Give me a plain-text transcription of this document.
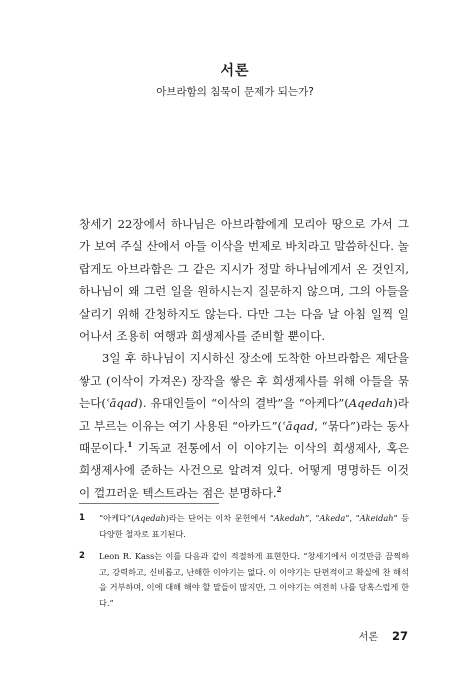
서론
아브라함의 침묵이 문제가 되는가?

창세기 22장에서 하나님은 아브라함에게 모리아 땅으로 가서 그가 보여 주실 산에서 아들 이삭을 번제로 바치라고 말씀하신다. 놀랍게도 아브라함은 그 같은 지시가 정말 하나님에게서 온 것인지, 하나님이 왜 그런 일을 원하시는지 질문하지 않으며, 그의 아들을 살리기 위해 간청하지도 않는다. 다만 그는 다음 날 아침 일찍 일어나서 조용히 여행과 희생제사를 준비할 뿐이다.

3일 후 하나님이 지시하신 장소에 도착한 아브라함은 제단을 쌓고 (이삭이 가져온) 장작을 쌓은 후 희생제사를 위해 아들을 묶는다(ʿāqad). 유대인들이 “이삭의 결박”을 “아케다”(Aqedah)라고 부르는 이유는 여기 사용된 “아카드”(ʿāqad, “묶다”)라는 동사 때문이다.$^1$ 기독교 전통에서 이 이야기는 이삭의 희생제사, 혹은 희생제사에 준하는 사건으로 알려져 있다. 어떻게 명명하든 이것이 껄끄러운 텍스트라는 점은 분명하다.$^2$

1	“아케다”(Aqedah)라는 단어는 이차 문헌에서 “Akedah”, “Akeda”, “Akeidah” 등 다양한 철자로 표기된다.
2	Leon R. Kass는 이를 다음과 같이 적절하게 표현한다. “창세기에서 이것만큼 끔찍하고, 강력하고, 신비롭고, 난해한 이야기는 없다. 이 이야기는 단편적이고 확실에 찬 해석을 거부하며, 이에 대해 해야 할 말들이 많지만, 그 이야기는 여전히 나를 당혹스럽게 한다.”
서론 27
